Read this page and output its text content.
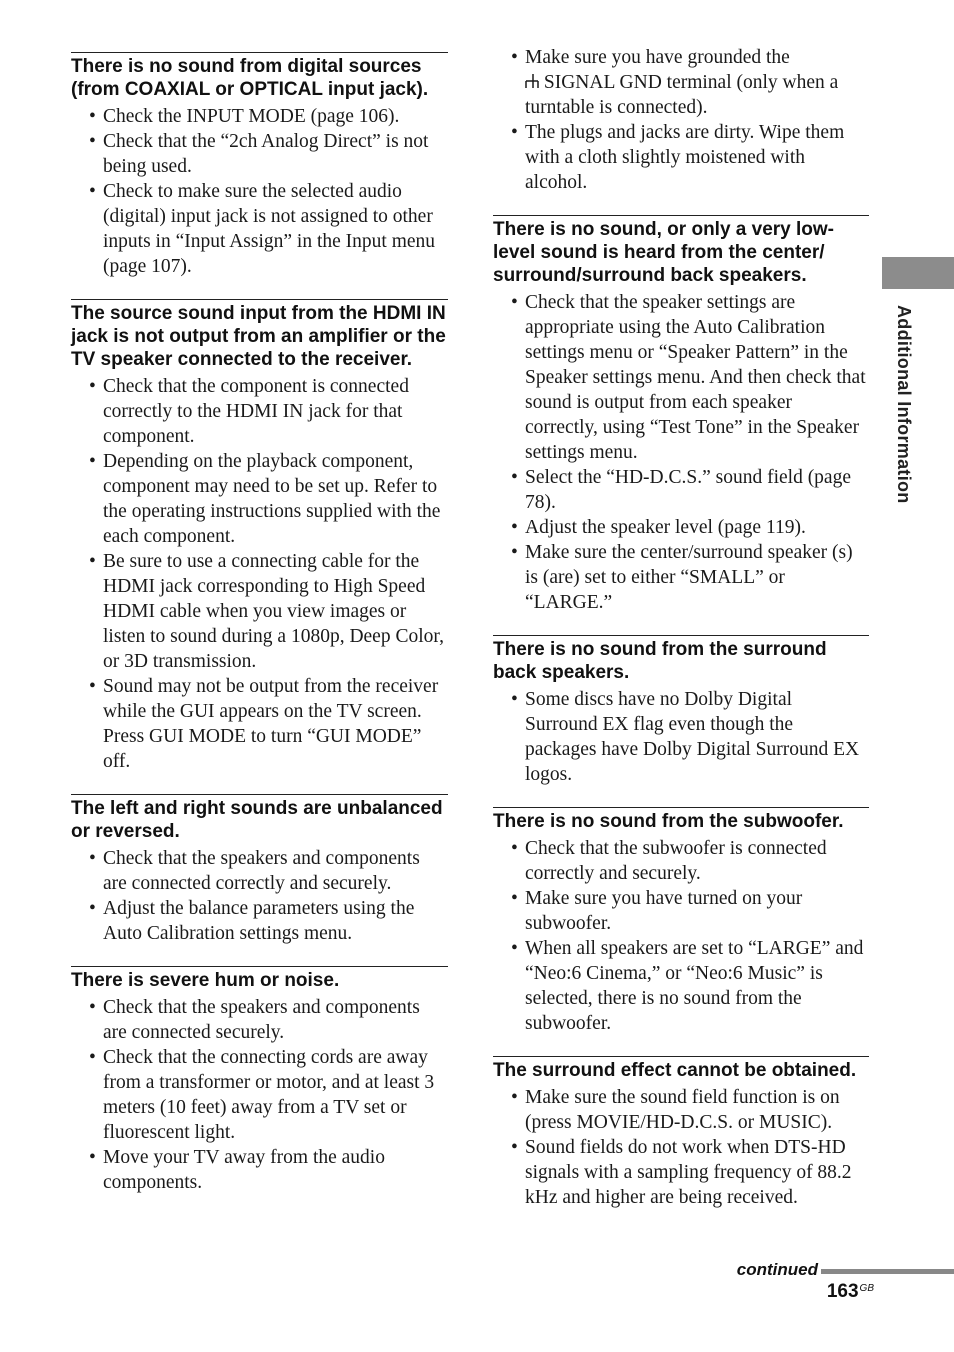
There is no sound from digital sources (from COAXIAL or OPTICAL input jack).
• Check the INPUT MODE (page 106).
• Check that the “2ch Analog Direct” is not being used.
• Check to make sure the selected audio (digital) input jack is not assigned to other inputs in “Input Assign” in the Input menu (page 107).
The source sound input from the HDMI IN jack is not output from an amplifier or the TV speaker connected to the receiver.
• Check that the component is connected correctly to the HDMI IN jack for that component.
• Depending on the playback component, component may need to be set up. Refer to the operating instructions supplied with the each component.
• Be sure to use a connecting cable for the HDMI jack corresponding to High Speed HDMI cable when you view images or listen to sound during a 1080p, Deep Color, or 3D transmission.
• Sound may not be output from the receiver while the GUI appears on the TV screen. Press GUI MODE to turn “GUI MODE” off.
The left and right sounds are unbalanced or reversed.
• Check that the speakers and components are connected correctly and securely.
• Adjust the balance parameters using the Auto Calibration settings menu.
There is severe hum or noise.
• Check that the speakers and components are connected securely.
• Check that the connecting cords are away from a transformer or motor, and at least 3 meters (10 feet) away from a TV set or fluorescent light.
• Move your TV away from the audio components.
• Make sure you have grounded the
SIGNAL GND terminal (only when a turntable is connected).
• The plugs and jacks are dirty. Wipe them with a cloth slightly moistened with alcohol.
There is no sound, or only a very low-level sound is heard from the center/ surround/surround back speakers.
• Check that the speaker settings are appropriate using the Auto Calibration settings menu or “Speaker Pattern” in the Speaker settings menu. And then check that sound is output from each speaker correctly, using “Test Tone” in the Speaker settings menu.
• Select the “HD-D.C.S.” sound field (page 78).
• Adjust the speaker level (page 119).
• Make sure the center/surround speaker (s) is (are) set to either “SMALL” or “LARGE.”
There is no sound from the surround back speakers.
• Some discs have no Dolby Digital Surround EX flag even though the packages have Dolby Digital Surround EX logos.
There is no sound from the subwoofer.
• Check that the subwoofer is connected correctly and securely.
• Make sure you have turned on your subwoofer.
• When all speakers are set to “LARGE” and “Neo:6 Cinema,” or “Neo:6 Music” is selected, there is no sound from the subwoofer.
The surround effect cannot be obtained.
• Make sure the sound field function is on (press MOVIE/HD-D.C.S. or MUSIC).
• Sound fields do not work when DTS-HD signals with a sampling frequency of 88.2 kHz and higher are being received.
Additional Information
continued
$163^{GB}$
